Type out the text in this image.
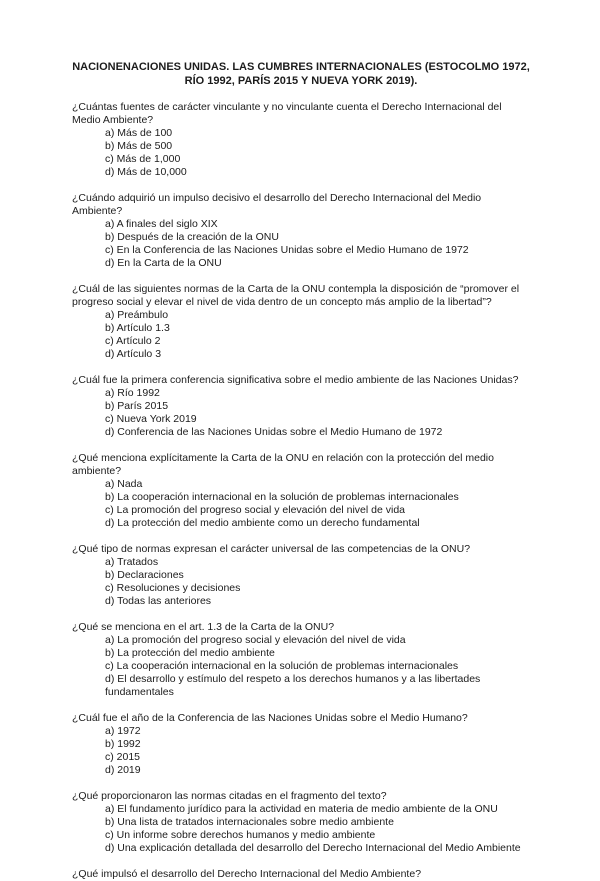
NACIONENACIONES UNIDAS. LAS CUMBRES INTERNACIONALES (ESTOCOLMO 1972, RÍO 1992, PARÍS 2015 Y NUEVA YORK 2019).

¿Cuántas fuentes de carácter vinculante y no vinculante cuenta el Derecho Internacional del Medio Ambiente?

a) Más de 100
b) Más de 500
c) Más de 1,000
d) Más de 10,000

¿Cuándo adquirió un impulso decisivo el desarrollo del Derecho Internacional del Medio Ambiente?

a) A finales del siglo XIX
b) Después de la creación de la ONU
c) En la Conferencia de las Naciones Unidas sobre el Medio Humano de 1972
d) En la Carta de la ONU

¿Cuál de las siguientes normas de la Carta de la ONU contempla la disposición de “promover el progreso social y elevar el nivel de vida dentro de un concepto más amplio de la libertad”?

a) Preámbulo
b) Artículo 1.3
c) Artículo 2
d) Artículo 3

¿Cuál fue la primera conferencia significativa sobre el medio ambiente de las Naciones Unidas?

a) Río 1992
b) París 2015
c) Nueva York 2019
d) Conferencia de las Naciones Unidas sobre el Medio Humano de 1972

¿Qué menciona explícitamente la Carta de la ONU en relación con la protección del medio ambiente?

a) Nada
b) La cooperación internacional en la solución de problemas internacionales
c) La promoción del progreso social y elevación del nivel de vida
d) La protección del medio ambiente como un derecho fundamental

¿Qué tipo de normas expresan el carácter universal de las competencias de la ONU?

a) Tratados
b) Declaraciones
c) Resoluciones y decisiones
d) Todas las anteriores

¿Qué se menciona en el art. 1.3 de la Carta de la ONU?

a) La promoción del progreso social y elevación del nivel de vida
b) La protección del medio ambiente
c) La cooperación internacional en la solución de problemas internacionales
d) El desarrollo y estímulo del respeto a los derechos humanos y a las libertades fundamentales

¿Cuál fue el año de la Conferencia de las Naciones Unidas sobre el Medio Humano?

a) 1972
b) 1992
c) 2015
d) 2019

¿Qué proporcionaron las normas citadas en el fragmento del texto?

a) El fundamento jurídico para la actividad en materia de medio ambiente de la ONU
b) Una lista de tratados internacionales sobre medio ambiente
c) Un informe sobre derechos humanos y medio ambiente
d) Una explicación detallada del desarrollo del Derecho Internacional del Medio Ambiente

¿Qué impulsó el desarrollo del Derecho Internacional del Medio Ambiente?
